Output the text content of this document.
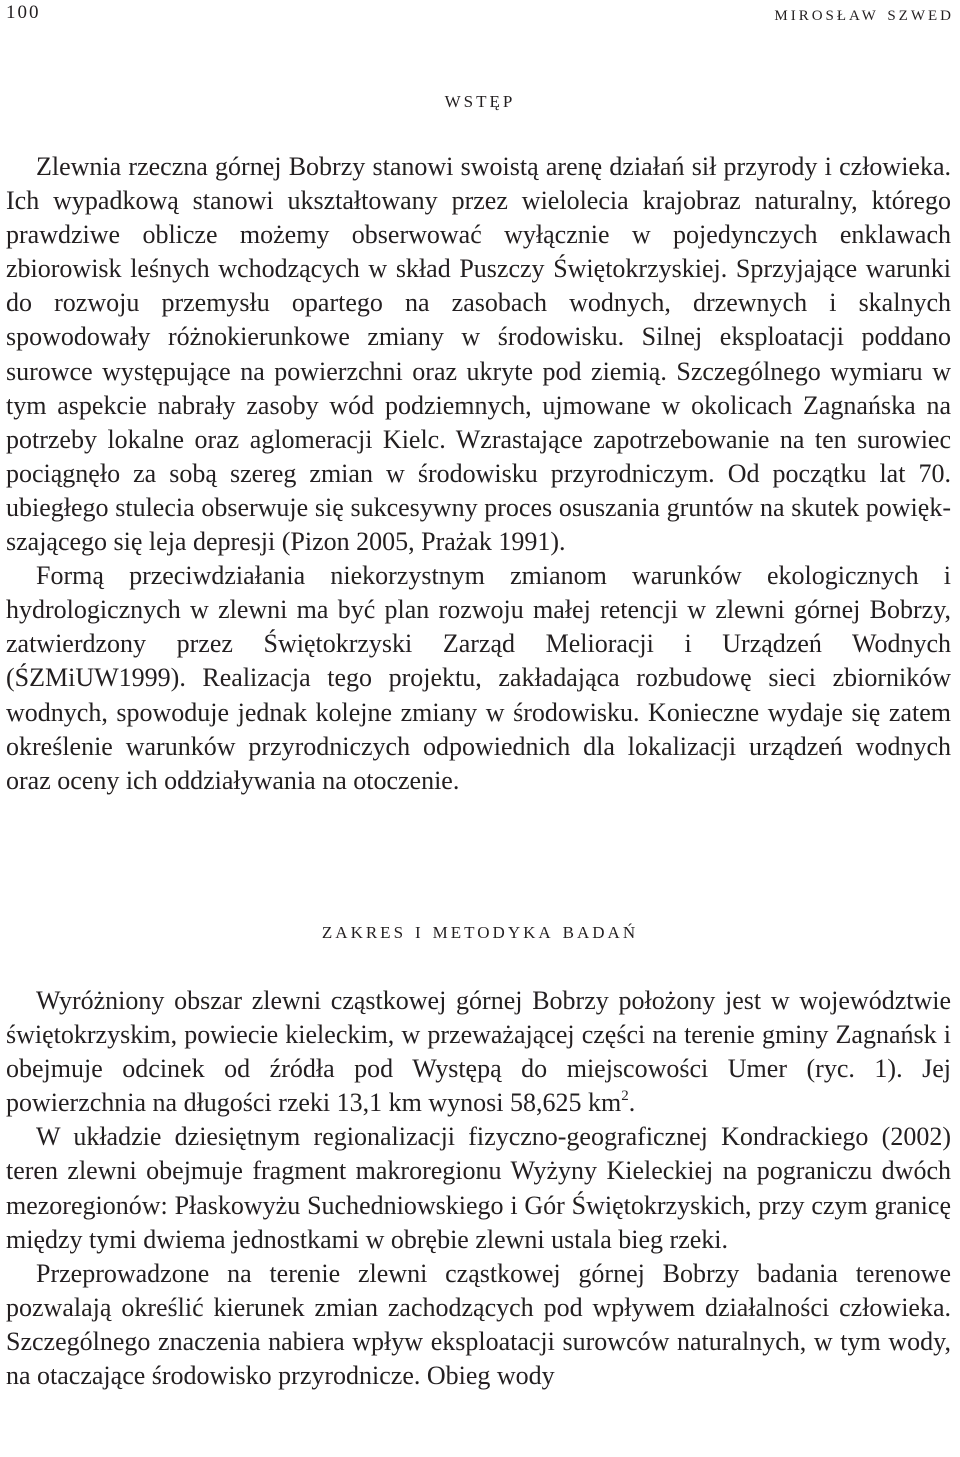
100	mirosław szwed
wstęp

Zlewnia rzeczna górnej Bobrzy stanowi swoistą arenę działań sił przyrody i człowieka. Ich wypadkową stanowi ukształtowany przez wielolecia krajobraz naturalny, którego prawdziwe oblicze możemy obserwować wyłącznie w pojedynczych enklawach zbiorowisk leśnych wchodzących w skład Puszczy Świętokrzyskiej. Sprzyjające warunki do rozwoju przemysłu opartego na zasobach wodnych, drzewnych i skalnych spowodowały różnokierunkowe zmiany w środowisku. Silnej eksploatacji poddano surowce występujące na powierzchni oraz ukryte pod ziemią. Szczególnego wymiaru w tym aspekcie nabrały zasoby wód podziemnych, ujmowane w okolicach Zagnańska na potrzeby lokalne oraz aglomeracji Kielc. Wzrastające zapotrzebowanie na ten surowiec pociągnęło za sobą szereg zmian w środowisku przyrodniczym. Od początku lat 70. ubiegłego stulecia obserwuje się sukcesywny proces osuszania gruntów na skutek powiększającego się leja depresji (Pizon 2005, Prażak 1991).

Formą przeciwdziałania niekorzystnym zmianom warunków ekologicznych i hydrologicznych w zlewni ma być plan rozwoju małej retencji w zlewni górnej Bobrzy, zatwierdzony przez Świętokrzyski Zarząd Melioracji i Urządzeń Wodnych (ŚZMiUW1999). Realizacja tego projektu, zakładająca rozbudowę sieci zbiorników wodnych, spowoduje jednak kolejne zmiany w środowisku. Konieczne wydaje się zatem określenie warunków przyrodniczych odpowiednich dla lokalizacji urządzeń wodnych oraz oceny ich oddziaływania na otoczenie.

zakres i metodyka badań

Wyróżniony obszar zlewni cząstkowej górnej Bobrzy położony jest w województwie świętokrzyskim, powiecie kieleckim, w przeważającej części na terenie gminy Zagnańsk i obejmuje odcinek od źródła pod Występą do miejscowości Umer (ryc. 1). Jej powierzchnia na długości rzeki 13,1 km wynosi 58,625 $km^2$.

W układzie dziesiętnym regionalizacji fizyczno-geograficznej Kondrackiego (2002) teren zlewni obejmuje fragment makroregionu Wyżyny Kieleckiej na pograniczu dwóch mezoregionów: Płaskowyżu Suchedniowskiego i Gór Świętokrzyskich, przy czym granicę między tymi dwiema jednostkami w obrębie zlewni ustala bieg rzeki.

Przeprowadzone na terenie zlewni cząstkowej górnej Bobrzy badania terenowe pozwalają określić kierunek zmian zachodzących pod wpływem działalności człowieka. Szczególnego znaczenia nabiera wpływ eksploatacji surowców naturalnych, w tym wody, na otaczające środowisko przyrodnicze. Obieg wody
